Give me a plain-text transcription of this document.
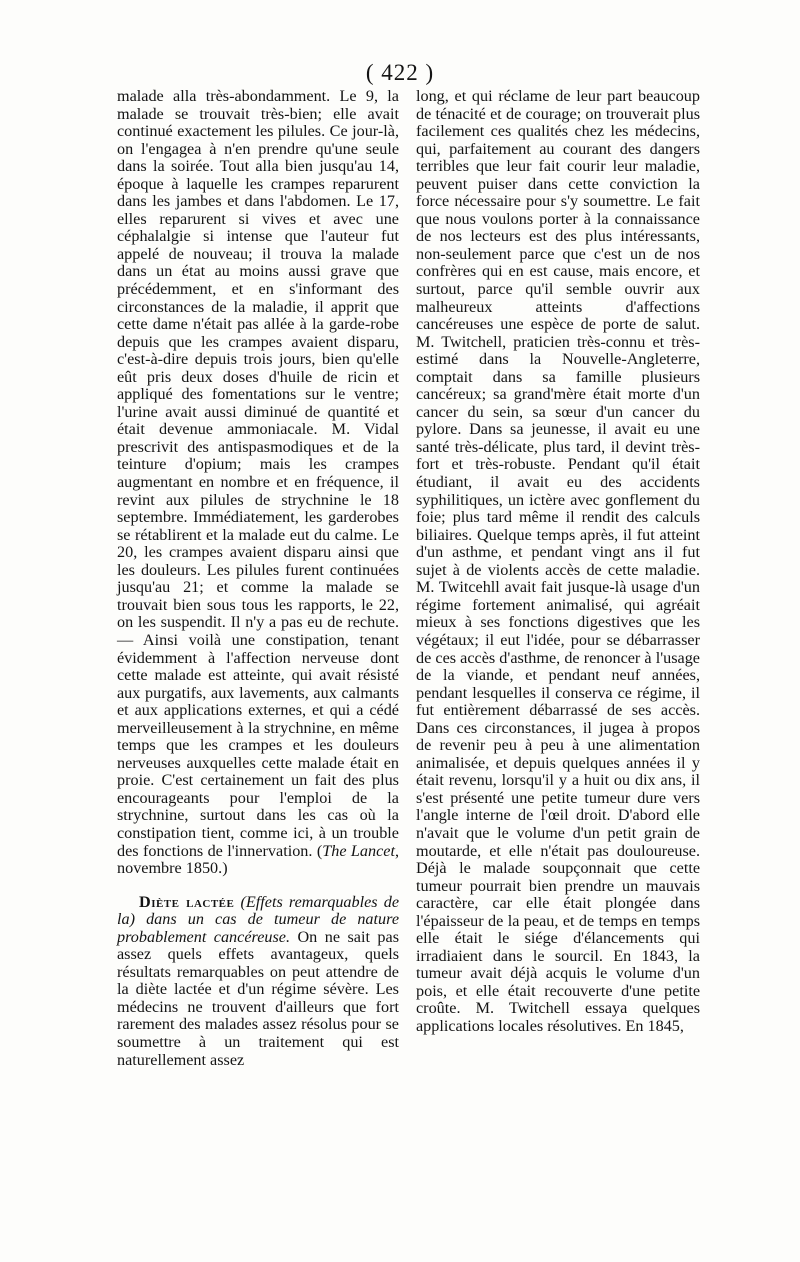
( 422 )

malade alla très-abondamment. Le 9, la malade se trouvait très-bien; elle avait continué exactement les pilules. Ce jour-là, on l'engagea à n'en prendre qu'une seule dans la soirée. Tout alla bien jusqu'au 14, époque à laquelle les crampes reparurent dans les jambes et dans l'abdomen. Le 17, elles reparurent si vives et avec une céphalalgie si intense que l'auteur fut appelé de nouveau; il trouva la malade dans un état au moins aussi grave que précédemment, et en s'informant des circonstances de la maladie, il apprit que cette dame n'était pas allée à la garde-robe depuis que les crampes avaient disparu, c'est-à-dire depuis trois jours, bien qu'elle eût pris deux doses d'huile de ricin et appliqué des fomentations sur le ventre; l'urine avait aussi diminué de quantité et était devenue ammoniacale. M. Vidal prescrivit des antispasmodiques et de la teinture d'opium; mais les crampes augmentant en nombre et en fréquence, il revint aux pilules de strychnine le 18 septembre. Immédiatement, les garderobes se rétablirent et la malade eut du calme. Le 20, les crampes avaient disparu ainsi que les douleurs. Les pilules furent continuées jusqu'au 21; et comme la malade se trouvait bien sous tous les rapports, le 22, on les suspendit. Il n'y a pas eu de rechute. — Ainsi voilà une constipation, tenant évidemment à l'affection nerveuse dont cette malade est atteinte, qui avait résisté aux purgatifs, aux lavements, aux calmants et aux applications externes, et qui a cédé merveilleusement à la strychnine, en même temps que les crampes et les douleurs nerveuses auxquelles cette malade était en proie. C'est certainement un fait des plus encourageants pour l'emploi de la strychnine, surtout dans les cas où la constipation tient, comme ici, à un trouble des fonctions de l'innervation. (The Lancet, novembre 1850.)

Diète lactée (Effets remarquables de la) dans un cas de tumeur de nature probablement cancéreuse. On ne sait pas assez quels effets avantageux, quels résultats remarquables on peut attendre de la diète lactée et d'un régime sévère. Les médecins ne trouvent d'ailleurs que fort rarement des malades assez résolus pour se soumettre à un traitement qui est naturellement assez

long, et qui réclame de leur part beaucoup de ténacité et de courage; on trouverait plus facilement ces qualités chez les médecins, qui, parfaitement au courant des dangers terribles que leur fait courir leur maladie, peuvent puiser dans cette conviction la force nécessaire pour s'y soumettre. Le fait que nous voulons porter à la connaissance de nos lecteurs est des plus intéressants, non-seulement parce que c'est un de nos confrères qui en est cause, mais encore, et surtout, parce qu'il semble ouvrir aux malheureux atteints d'affections cancéreuses une espèce de porte de salut. M. Twitchell, praticien très-connu et très-estimé dans la Nouvelle-Angleterre, comptait dans sa famille plusieurs cancéreux; sa grand'mère était morte d'un cancer du sein, sa sœur d'un cancer du pylore. Dans sa jeunesse, il avait eu une santé très-délicate, plus tard, il devint très-fort et très-robuste. Pendant qu'il était étudiant, il avait eu des accidents syphilitiques, un ictère avec gonflement du foie; plus tard même il rendit des calculs biliaires. Quelque temps après, il fut atteint d'un asthme, et pendant vingt ans il fut sujet à de violents accès de cette maladie. M. Twitcehll avait fait jusque-là usage d'un régime fortement animalisé, qui agréait mieux à ses fonctions digestives que les végétaux; il eut l'idée, pour se débarrasser de ces accès d'asthme, de renoncer à l'usage de la viande, et pendant neuf années, pendant lesquelles il conserva ce régime, il fut entièrement débarrassé de ses accès. Dans ces circonstances, il jugea à propos de revenir peu à peu à une alimentation animalisée, et depuis quelques années il y était revenu, lorsqu'il y a huit ou dix ans, il s'est présenté une petite tumeur dure vers l'angle interne de l'œil droit. D'abord elle n'avait que le volume d'un petit grain de moutarde, et elle n'était pas douloureuse. Déjà le malade soupçonnait que cette tumeur pourrait bien prendre un mauvais caractère, car elle était plongée dans l'épaisseur de la peau, et de temps en temps elle était le siége d'élancements qui irradiaient dans le sourcil. En 1843, la tumeur avait déjà acquis le volume d'un pois, et elle était recouverte d'une petite croûte. M. Twitchell essaya quelques applications locales résolutives. En 1845,
